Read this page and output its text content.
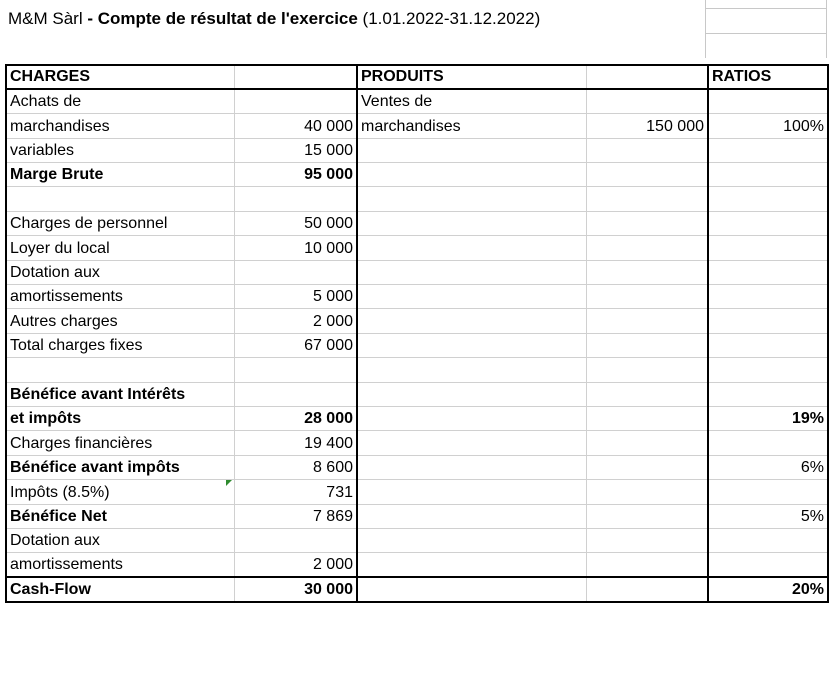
M&M Sàrl - Compte de résultat de l'exercice (1.01.2022-31.12.2022)
CHARGES		PRODUITS		RATIOS
Achats de		Ventes de		
marchandises	40 000	marchandises	150 000	100%
variables	15 000			
Marge Brute	95 000			

Charges de personnel	50 000			
Loyer du local	10 000			
Dotation aux				
amortissements	5 000			
Autres charges	2 000			
Total charges fixes	67 000			

Bénéfice avant Intérêts				
et impôts	28 000			19%
Charges financières	19 400			
Bénéfice avant impôts	8 600			6%
Impôts (8.5%)	731			
Bénéfice Net	7 869			5%
Dotation aux				
amortissements	2 000			
Cash-Flow	30 000			20%
